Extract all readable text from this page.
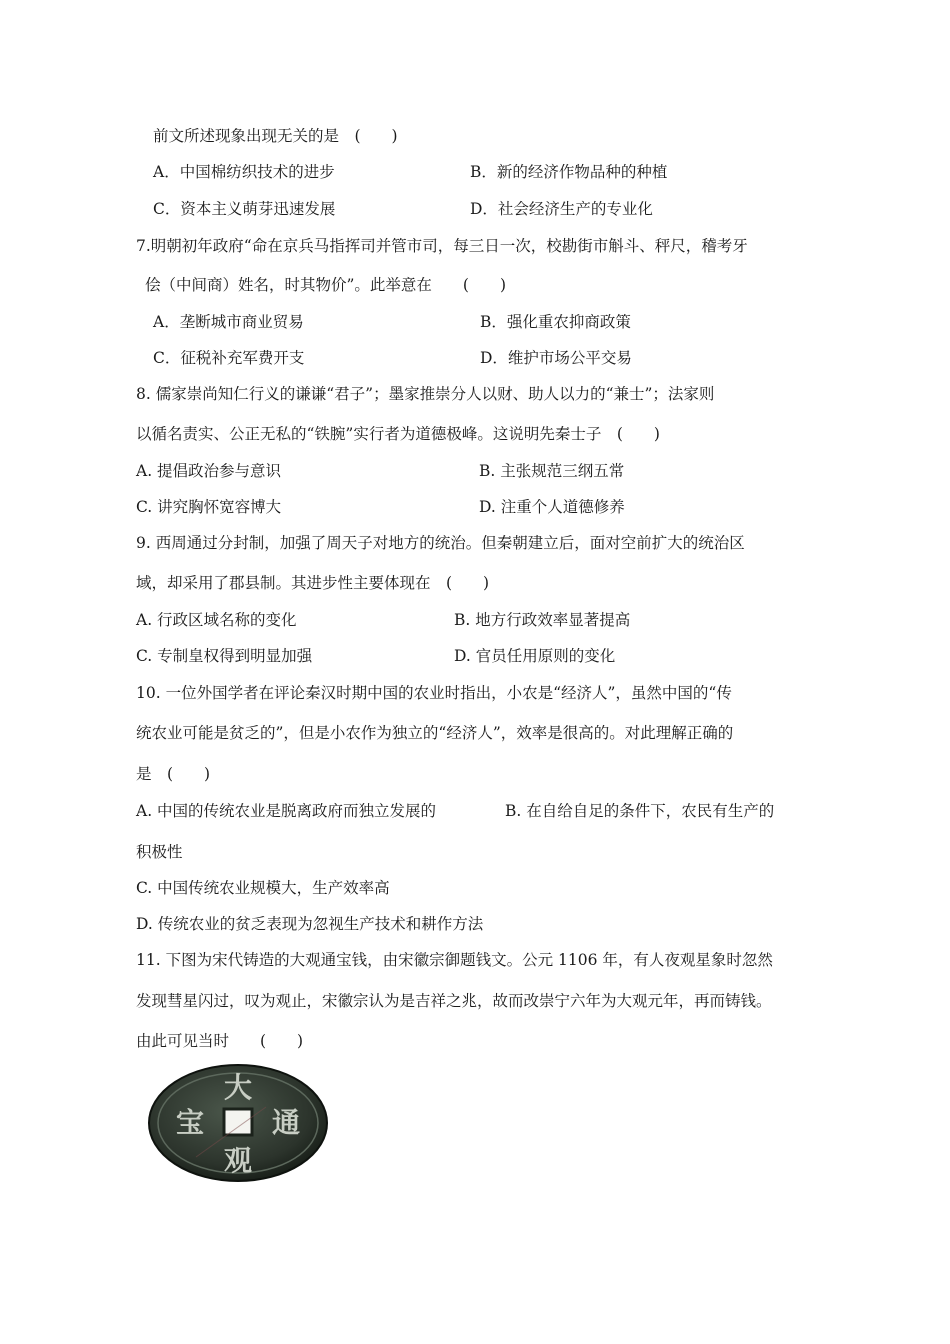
前文所述现象出现无关的是　(　　)
A．中国棉纺织技术的进步	B．新的经济作物品种的种植
C．资本主义萌芽迅速发展	D．社会经济生产的专业化
7.明朝初年政府“命在京兵马指挥司并管市司，每三日一次，校勘街市斛斗、秤尺，稽考牙
侩（中间商）姓名，时其物价”。此举意在　　(　　)
A．垄断城市商业贸易	B．强化重农抑商政策
C．征税补充军费开支	D．维护市场公平交易
8. 儒家崇尚知仁行义的谦谦“君子”；墨家推崇分人以财、助人以力的“兼士”；法家则
以循名责实、公正无私的“铁腕”实行者为道德极峰。这说明先秦士子　(　　)
A. 提倡政治参与意识	B. 主张规范三纲五常
C. 讲究胸怀宽容博大	D. 注重个人道德修养
9. 西周通过分封制，加强了周天子对地方的统治。但秦朝建立后，面对空前扩大的统治区
域，却采用了郡县制。其进步性主要体现在　(　　)
A. 行政区域名称的变化	B. 地方行政效率显著提高
C. 专制皇权得到明显加强	D. 官员任用原则的变化
10. 一位外国学者在评论秦汉时期中国的农业时指出，小农是“经济人”，虽然中国的“传
统农业可能是贫乏的”，但是小农作为独立的“经济人”，效率是很高的。对此理解正确的
是　(　　)
A. 中国的传统农业是脱离政府而独立发展的	B. 在自给自足的条件下，农民有生产的
积极性
C. 中国传统农业规模大，生产效率高
D. 传统农业的贫乏表现为忽视生产技术和耕作方法
11. 下图为宋代铸造的大观通宝钱，由宋徽宗御题钱文。公元 1106 年，有人夜观星象时忽然
发现彗星闪过，叹为观止，宋徽宗认为是吉祥之兆，故而改崇宁六年为大观元年，再而铸钱。
由此可见当时　　(　　)
大
观
通
宝
